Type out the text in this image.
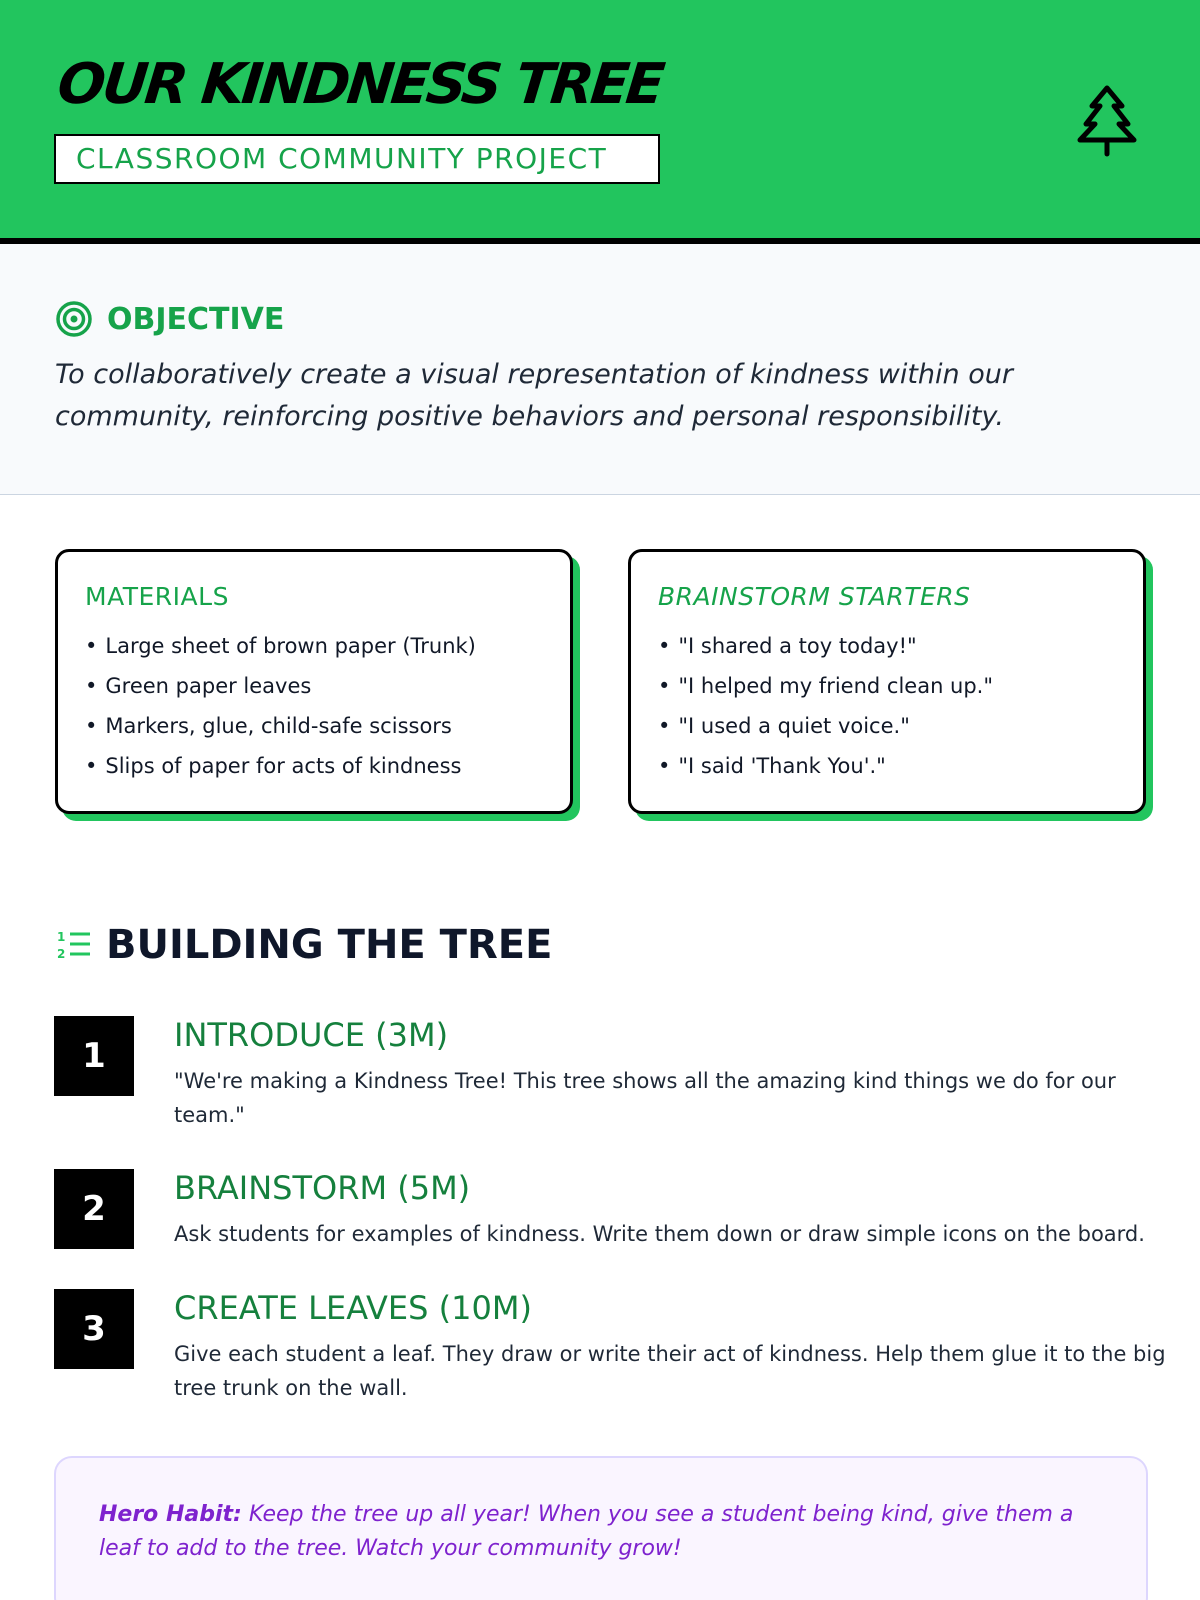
OUR KINDNESS TREE
CLASSROOM COMMUNITY PROJECT
OBJECTIVE
To collaboratively create a visual representation of kindness within our community, reinforcing positive behaviors and personal responsibility.
MATERIALS
• Large sheet of brown paper (Trunk)
• Green paper leaves
• Markers, glue, child-safe scissors
• Slips of paper for acts of kindness
BRAINSTORM STARTERS
• "I shared a toy today!"
• "I helped my friend clean up."
• "I used a quiet voice."
• "I said 'Thank You'."
1
2 BUILDING THE TREE
1
INTRODUCE (3M)

"We're making a Kindness Tree! This tree shows all the amazing kind things we do for our team."

2
BRAINSTORM (5M)

Ask students for examples of kindness. Write them down or draw simple icons on the board.

3
CREATE LEAVES (10M)

Give each student a leaf. They draw or write their act of kindness. Help them glue it to the big tree trunk on the wall.

Hero Habit: Keep the tree up all year! When you see a student being kind, give them a leaf to add to the tree. Watch your community grow!
